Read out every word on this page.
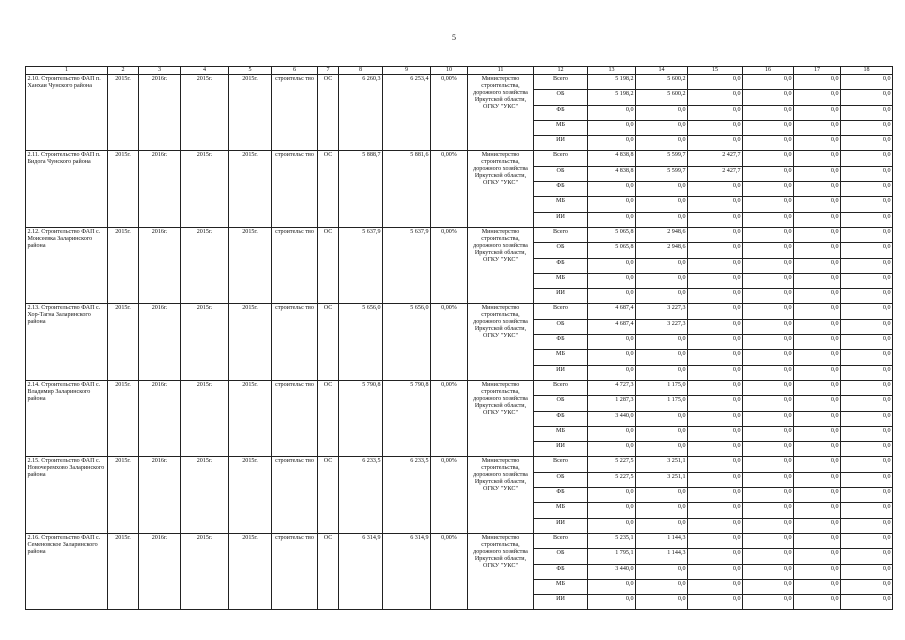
5
1	2	3	4	5	6	7	8	9	10	11	12	13	14	15	16	17	18
2.10. Строительство ФАП п. Ханхаи Чунского района	2015г.	2016г.	2015г.	2015г.	строительс тво	ОС	6 260,3	6 253,4	0,00%	Министерство строительства, дорожного хозяйства Иркутской области, ОГКУ "УКС"	Всего	5 198,2	5 600,2	0,0	0,0	0,0	0,0
											ОБ	5 198,2	5 600,2	0,0	0,0	0,0	0,0
											ФБ	0,0	0,0	0,0	0,0	0,0	0,0
											МБ	0,0	0,0	0,0	0,0	0,0	0,0
											ИИ	0,0	0,0	0,0	0,0	0,0	0,0
2.11. Строительство ФАП п. Бидога Чунского района	2015г.	2016г.	2015г.	2015г.	строительс тво	ОС	5 888,7	5 881,6	0,00%	Министерство строительства, дорожного хозяйства Иркутской области, ОГКУ "УКС"	Всего	4 838,8	5 599,7	2 427,7	0,0	0,0	0,0
											ОБ	4 838,8	5 599,7	2 427,7	0,0	0,0	0,0
											ФБ	0,0	0,0	0,0	0,0	0,0	0,0
											МБ	0,0	0,0	0,0	0,0	0,0	0,0
											ИИ	0,0	0,0	0,0	0,0	0,0	0,0
2.12. Строительство ФАП с. Моисеевка Заларинского района	2015г.	2016г.	2015г.	2015г.	строительс тво	ОС	5 637,9	5 637,9	0,00%	Министерство строительства, дорожного хозяйства Иркутской области, ОГКУ "УКС"	Всего	5 065,8	2 948,6	0,0	0,0	0,0	0,0
											ОБ	5 065,8	2 948,6	0,0	0,0	0,0	0,0
											ФБ	0,0	0,0	0,0	0,0	0,0	0,0
											МБ	0,0	0,0	0,0	0,0	0,0	0,0
											ИИ	0,0	0,0	0,0	0,0	0,0	0,0
2.13. Строительство ФАП с. Хор-Тагна Заларинского района	2015г.	2016г.	2015г.	2015г.	строительс тво	ОС	5 656,0	5 656,0	0,00%	Министерство строительства, дорожного хозяйства Иркутской области, ОГКУ "УКС"	Всего	4 687,4	3 227,3	0,0	0,0	0,0	0,0
											ОБ	4 687,4	3 227,3	0,0	0,0	0,0	0,0
											ФБ	0,0	0,0	0,0	0,0	0,0	0,0
											МБ	0,0	0,0	0,0	0,0	0,0	0,0
											ИИ	0,0	0,0	0,0	0,0	0,0	0,0
2.14. Строительство ФАП с. Владимир Заларинского района	2015г.	2016г.	2015г.	2015г.	строительс тво	ОС	5 790,8	5 790,8	0,00%	Министерство строительства, дорожного хозяйства Иркутской области, ОГКУ "УКС"	Всего	4 727,3	1 175,0	0,0	0,0	0,0	0,0
											ОБ	1 287,3	1 175,0	0,0	0,0	0,0	0,0
											ФБ	3 440,0	0,0	0,0	0,0	0,0	0,0
											МБ	0,0	0,0	0,0	0,0	0,0	0,0
											ИИ	0,0	0,0	0,0	0,0	0,0	0,0
2.15. Строительство ФАП с. Новочеремхово Заларинского района	2015г.	2016г.	2015г.	2015г.	строительс тво	ОС	6 233,5	6 233,5	0,00%	Министерство строительства, дорожного хозяйства Иркутской области, ОГКУ "УКС"	Всего	5 227,5	3 251,1	0,0	0,0	0,0	0,0
											ОБ	5 227,5	3 251,1	0,0	0,0	0,0	0,0
											ФБ	0,0	0,0	0,0	0,0	0,0	0,0
											МБ	0,0	0,0	0,0	0,0	0,0	0,0
											ИИ	0,0	0,0	0,0	0,0	0,0	0,0
2.16. Строительство ФАП с. Семеновское Заларинского района	2015г.	2016г.	2015г.	2015г.	строительс тво	ОС	6 314,9	6 314,9	0,00%	Министерство строительства, дорожного хозяйства Иркутской области, ОГКУ "УКС"	Всего	5 235,1	1 144,3	0,0	0,0	0,0	0,0
											ОБ	1 795,1	1 144,3	0,0	0,0	0,0	0,0
											ФБ	3 440,0	0,0	0,0	0,0	0,0	0,0
											МБ	0,0	0,0	0,0	0,0	0,0	0,0
											ИИ	0,0	0,0	0,0	0,0	0,0	0,0
